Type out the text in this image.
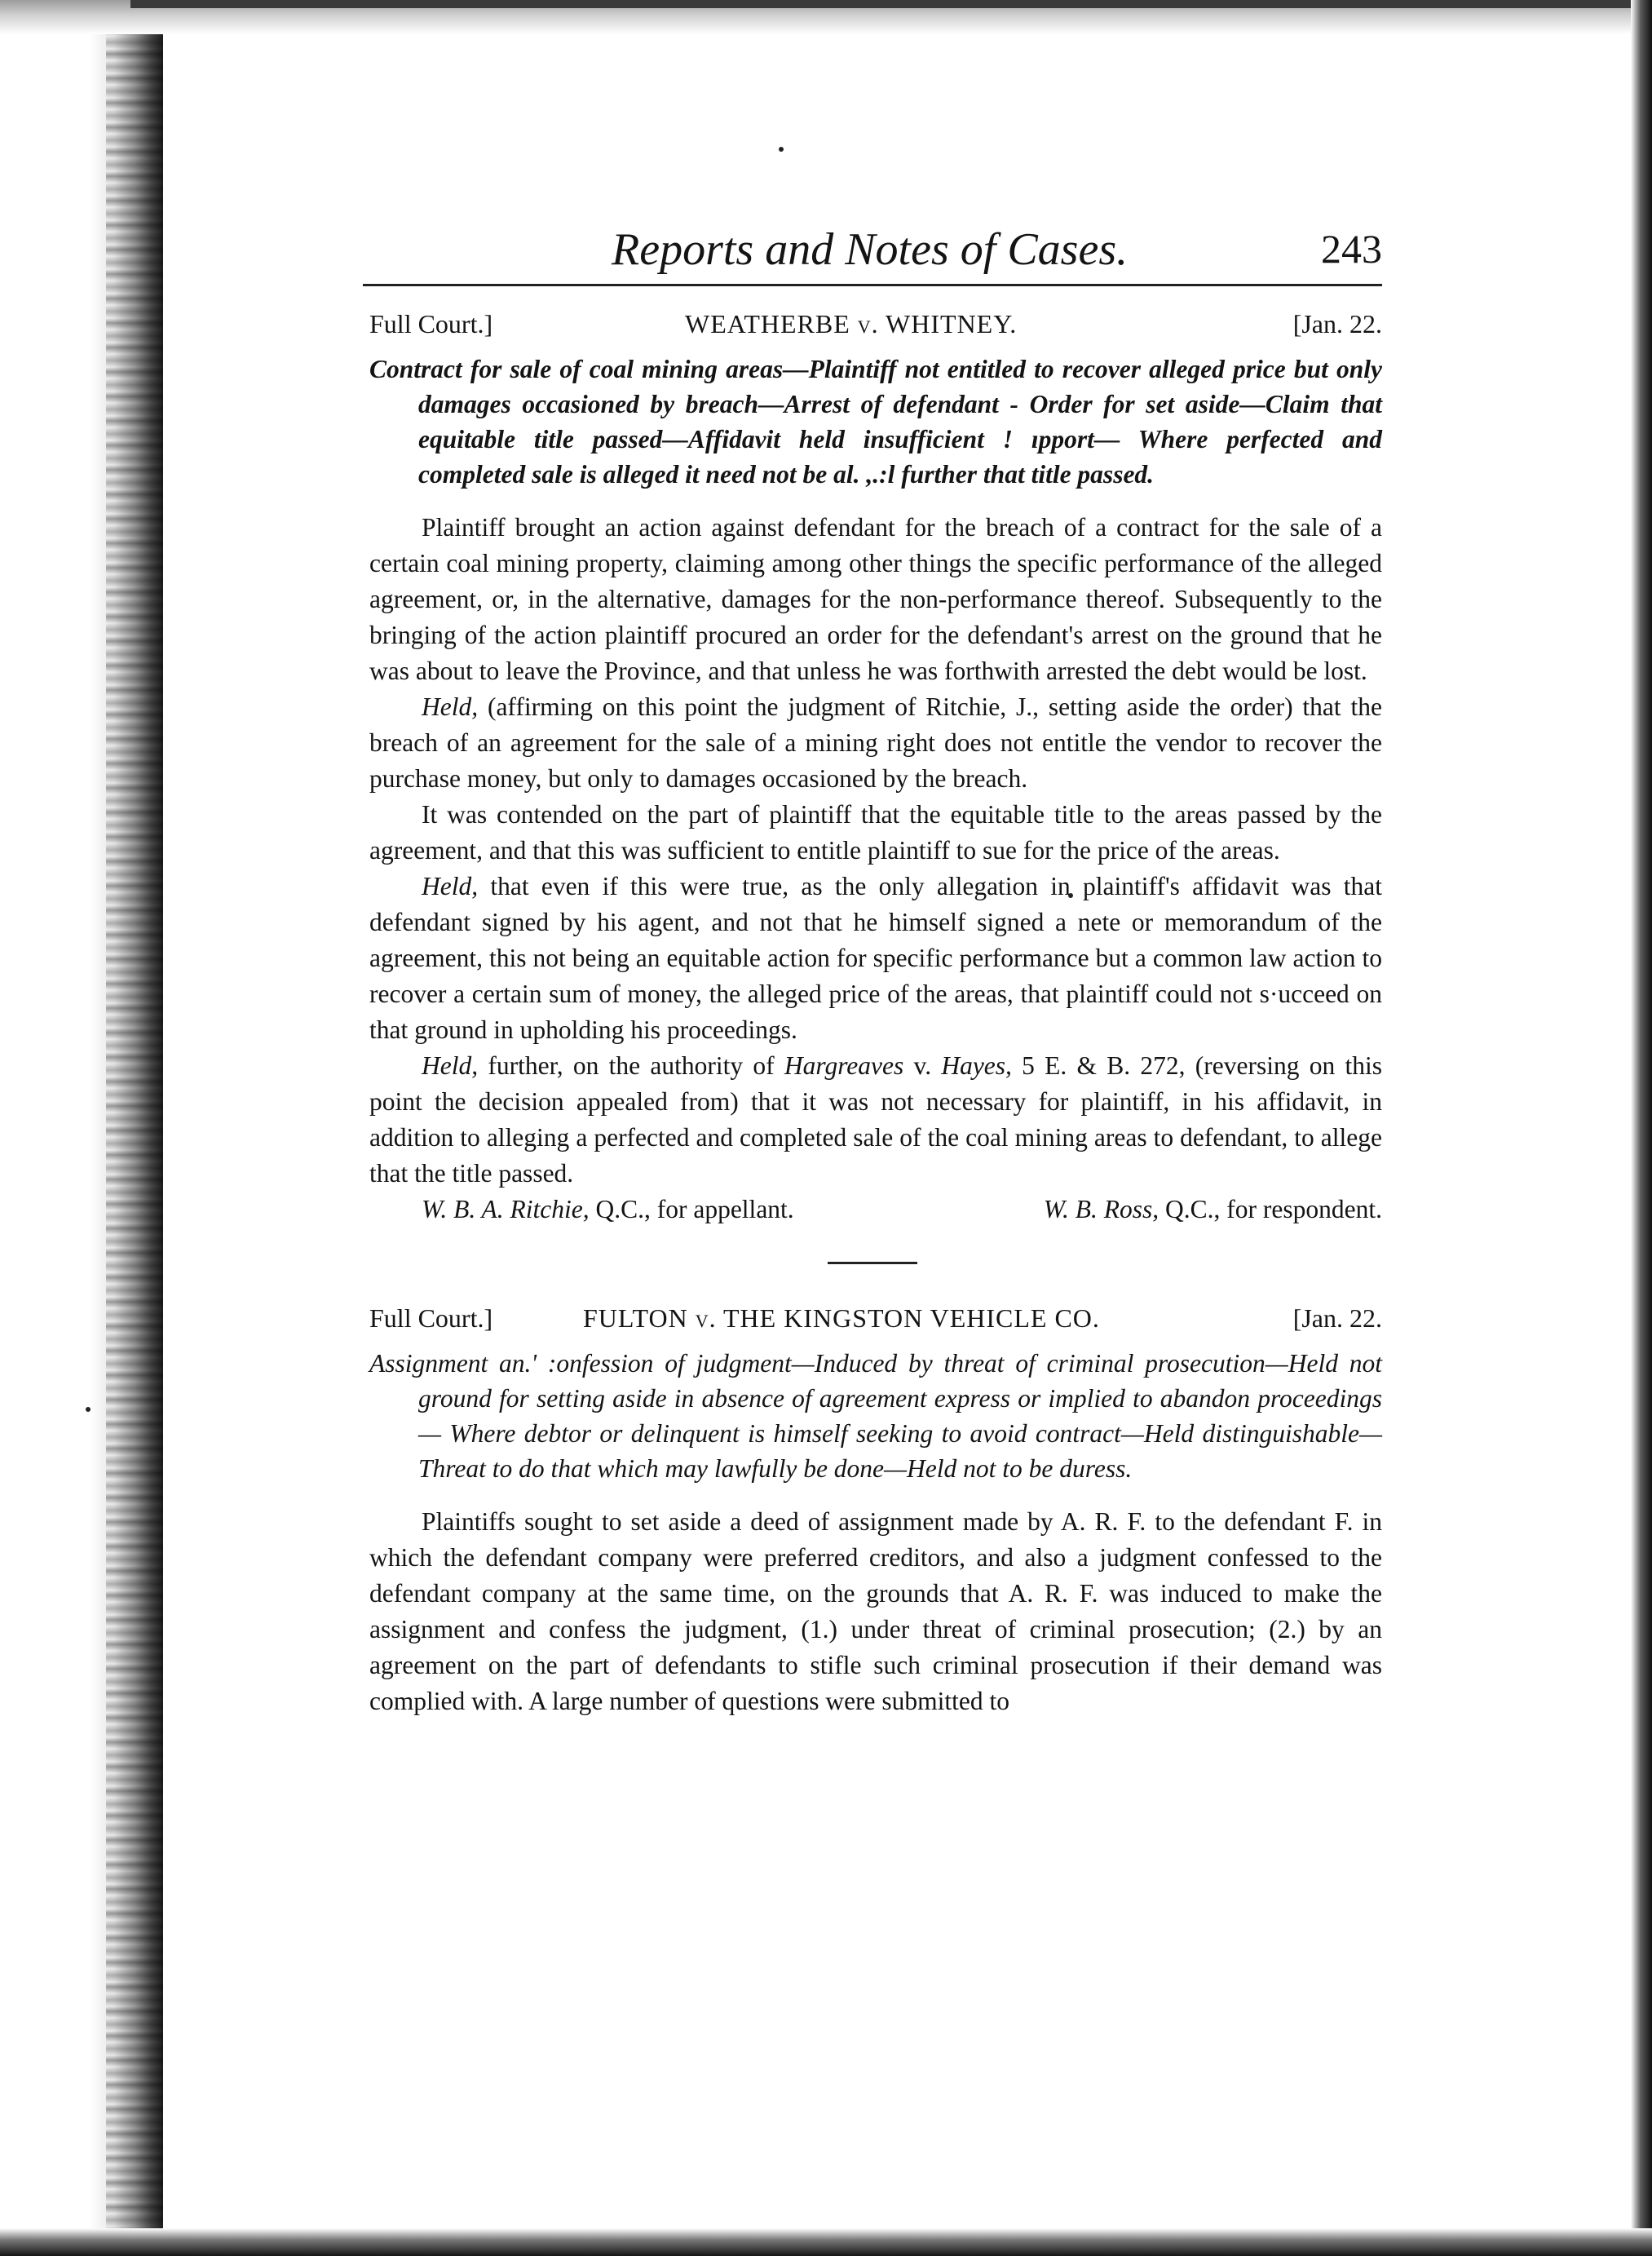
Reports and Notes of Cases.	243
Full Court.]	WEATHERBE v. WHITNEY.	[Jan. 22.

Contract for sale of coal mining areas—Plaintiff not entitled to recover alleged price but only damages occasioned by breach—Arrest of defendant - Order for set aside—Claim that equitable title passed—Affidavit held insufficient ! ıpport— Where perfected and completed sale is alleged it need not be al. ,.:l further that title passed.

Plaintiff brought an action against defendant for the breach of a contract for the sale of a certain coal mining property, claiming among other things the specific performance of the alleged agreement, or, in the alternative, damages for the non-performance thereof. Subsequently to the bringing of the action plaintiff procured an order for the defendant's arrest on the ground that he was about to leave the Province, and that unless he was forthwith arrested the debt would be lost.

Held, (affirming on this point the judgment of Ritchie, J., setting aside the order) that the breach of an agreement for the sale of a mining right does not entitle the vendor to recover the purchase money, but only to damages occasioned by the breach.

It was contended on the part of plaintiff that the equitable title to the areas passed by the agreement, and that this was sufficient to entitle plaintiff to sue for the price of the areas.

Held, that even if this were true, as the only allegation in plaintiff's affidavit was that defendant signed by his agent, and not that he himself signed a nete or memorandum of the agreement, this not being an equitable action for specific performance but a common law action to recover a certain sum of money, the alleged price of the areas, that plaintiff could not s·ucceed on that ground in upholding his proceedings.

Held, further, on the authority of Hargreaves v. Hayes, 5 E. & B. 272, (reversing on this point the decision appealed from) that it was not necessary for plaintiff, in his affidavit, in addition to alleging a perfected and completed sale of the coal mining areas to defendant, to allege that the title passed.

W. B. A. Ritchie, Q.C., for appellant.	W. B. Ross, Q.C., for respondent.

Full Court.]	FULTON v. THE KINGSTON VEHICLE CO.	[Jan. 22.

Assignment an.' :onfession of judgment—Induced by threat of criminal prosecution—Held not ground for setting aside in absence of agreement express or implied to abandon proceedings— Where debtor or delinquent is himself seeking to avoid contract—Held distinguishable—Threat to do that which may lawfully be done—Held not to be duress.

Plaintiffs sought to set aside a deed of assignment made by A. R. F. to the defendant F. in which the defendant company were preferred creditors, and also a judgment confessed to the defendant company at the same time, on the grounds that A. R. F. was induced to make the assignment and confess the judgment, (1.) under threat of criminal prosecution; (2.) by an agreement on the part of defendants to stifle such criminal prosecution if their demand was complied with. A large number of questions were submitted to
